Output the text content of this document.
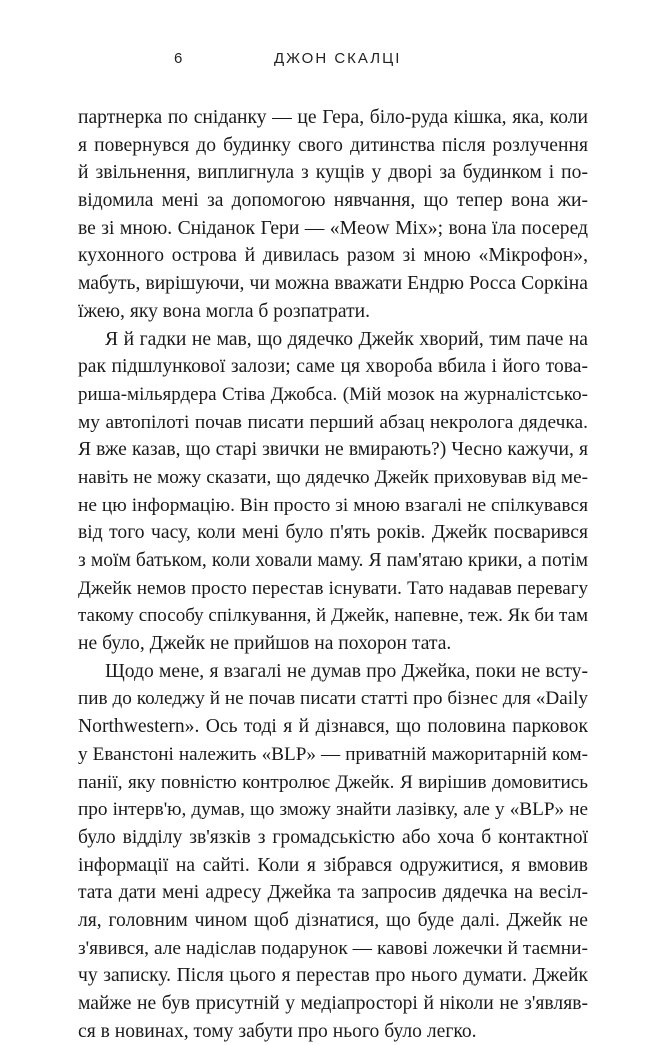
6	ДЖОН СКАЛЦІ
партнерка по сніданку — це Гера, біло-руда кішка, яка, коли
я повернувся до будинку свого дитинства після розлучення
й звільнення, виплигнула з кущів у дворі за будинком і по-
відомила мені за допомогою нявчання, що тепер вона жи-
ве зі мною. Сніданок Гери — «Meow Mix»; вона їла посеред
кухонного острова й дивилась разом зі мною «Мікрофон»,
мабуть, вирішуючи, чи можна вважати Ендрю Росса Соркіна
їжею, яку вона могла б розпатрати.
Я й гадки не мав, що дядечко Джейк хворий, тим паче на
рак підшлункової залози; саме ця хвороба вбила і його това-
риша-мільярдера Стіва Джобса. (Мій мозок на журналістсько-
му автопілоті почав писати перший абзац некролога дядечка.
Я вже казав, що старі звички не вмирають?) Чесно кажучи, я
навіть не можу сказати, що дядечко Джейк приховував від ме-
не цю інформацію. Він просто зі мною взагалі не спілкувався
від того часу, коли мені було п'ять років. Джейк посварився
з моїм батьком, коли ховали маму. Я пам'ятаю крики, а потім
Джейк немов просто перестав існувати. Тато надавав перевагу
такому способу спілкування, й Джейк, напевне, теж. Як би там
не було, Джейк не прийшов на похорон тата.
Щодо мене, я взагалі не думав про Джейка, поки не всту-
пив до коледжу й не почав писати статті про бізнес для «Daily
Northwestern». Ось тоді я й дізнався, що половина парковок
у Еванстоні належить «BLP» — приватній мажоритарній ком-
панії, яку повністю контролює Джейк. Я вирішив домовитись
про інтерв'ю, думав, що зможу знайти лазівку, але у «BLP» не
було відділу зв'язків з громадськістю або хоча б контактної
інформації на сайті. Коли я зібрався одружитися, я вмовив
тата дати мені адресу Джейка та запросив дядечка на весіл-
ля, головним чином щоб дізнатися, що буде далі. Джейк не
з'явився, але надіслав подарунок — кавові ложечки й таємни-
чу записку. Після цього я перестав про нього думати. Джейк
майже не був присутній у медіапросторі й ніколи не з'являв-
ся в новинах, тому забути про нього було легко.
